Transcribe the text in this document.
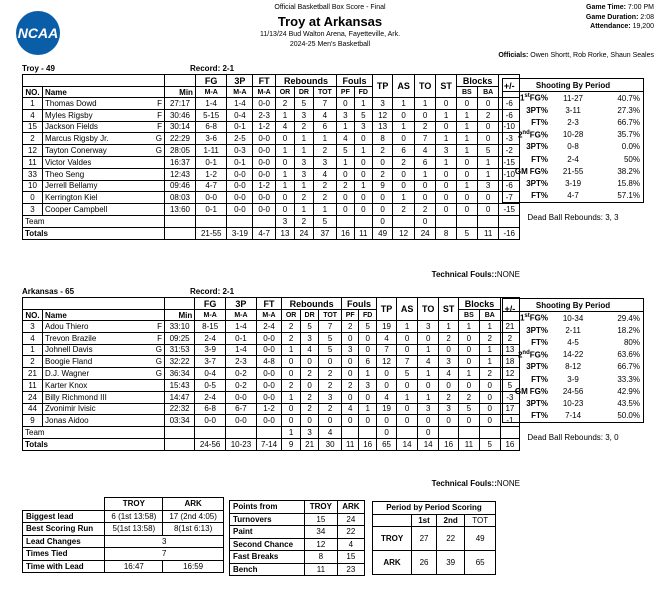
NCAA
Official Basketball Box Score - Final
Troy at Arkansas
11/13/24 Bud Walton Arena, Fayetteville, Ark.
2024-25 Men's Basketball
Game Time: 7:00 PM
Game Duration: 2:08
Attendance: 19,200
Officials: Owen Shortt, Rob Rorke, Shaun Seales
Troy - 49	Record: 2-1
				FG	3P	FT	Rebounds			Fouls		TP	AS	TO	ST	Blocks		+/-
NO.	Name		Min	M-A	M-A	M-A	OR	DR	TOT	PF	FD					BS	BA	
1	Thomas Dowd	F	27:17	1-4	1-4	0-0	2	5	7	0	1	3	1	1	0	0	0	-6
4	Myles Rigsby	F	30:46	5-15	0-4	2-3	1	3	4	3	5	12	0	0	1	1	2	-6
15	Jackson Fields	F	30:14	6-8	0-1	1-2	4	2	6	1	3	13	1	2	0	1	0	-10
2	Marcus Rigsby Jr.	G	22:29	3-6	2-5	0-0	0	1	1	4	0	8	0	7	1	1	0	-3
12	Tayton Conerway	G	28:05	1-11	0-3	0-0	1	1	2	5	1	2	6	4	3	1	5	-2
11	Victor Valdes		16:37	0-1	0-1	0-0	0	3	3	1	0	0	2	6	1	0	1	-15
33	Theo Seng		12:43	1-2	0-0	0-0	1	3	4	0	0	2	0	1	0	0	1	-10
10	Jerrell Bellamy		09:46	4-7	0-0	1-2	1	1	2	2	1	9	0	0	0	1	3	-6
0	Kerrington Kiel		08:03	0-0	0-0	0-0	0	2	2	0	0	0	1	0	0	0	0	-7
3	Cooper Campbell		13:60	0-1	0-0	0-0	0	1	1	0	0	0	2	2	0	0	0	-15
Team							3	2	5			0		0				
Totals				21-55	3-19	4-7	13	24	37	16	11	49	12	24	8	5	11	-16
Technical Fouls::NONE
Shooting By Period
1stFG%	11-27	40.7%
3PT%	3-11	27.3%
FT%	2-3	66.7%
2ndFG%	10-28	35.7%
3PT%	0-8	0.0%
FT%	2-4	50%
GM FG%	21-55	38.2%
3PT%	3-19	15.8%
FT%	4-7	57.1%
Dead Ball Rebounds: 3, 3
Arkansas - 65	Record: 2-1
				FG	3P	FT	Rebounds			Fouls		TP	AS	TO	ST	Blocks		+/-
NO.	Name		Min	M-A	M-A	M-A	OR	DR	TOT	PF	FD					BS	BA	
3	Adou Thiero	F	33:10	8-15	1-4	2-4	2	5	7	2	5	19	1	3	1	1	1	21
4	Trevon Brazile	F	09:25	2-4	0-1	0-0	2	3	5	0	0	4	0	0	2	0	2	2
1	Johnell Davis	G	31:53	3-9	1-4	0-0	1	4	5	3	0	7	0	1	0	0	1	13
2	Boogie Fland	G	32:22	3-7	2-3	4-8	0	0	0	0	6	12	7	4	3	0	1	18
21	D.J. Wagner	G	36:34	0-4	0-2	0-0	0	2	2	0	1	0	5	1	4	1	2	12
11	Karter Knox		15:43	0-5	0-2	0-0	2	0	2	2	3	0	0	0	0	0	0	5
24	Billy Richmond III		14:47	2-4	0-0	0-0	1	2	3	0	0	4	1	1	2	2	0	-3
44	Zvonimir Ivisic		22:32	6-8	6-7	1-2	0	2	2	4	1	19	0	3	3	5	0	17
9	Jonas Aidoo		03:34	0-0	0-0	0-0	0	0	0	0	0	0	0	0	0	0	0	-1
Team							1	3	4			0		0				
Totals				24-56	10-23	7-14	9	21	30	11	16	65	14	14	16	11	5	16
Technical Fouls::NONE
Shooting By Period
1stFG%	10-34	29.4%
3PT%	2-11	18.2%
FT%	4-5	80%
2ndFG%	14-22	63.6%
3PT%	8-12	66.7%
FT%	3-9	33.3%
GM FG%	24-56	42.9%
3PT%	10-23	43.5%
FT%	7-14	50.0%
Dead Ball Rebounds: 3, 0
	TROY	ARK
Biggest lead	6 (1st 13:58)	17 (2nd 4:05)
Best Scoring Run	5(1st 13:58)	8(1st 6:13)
Lead Changes	3	
Times Tied	7	
Time with Lead	16:47	16:59
Points from	TROY	ARK
Turnovers	15	24
Paint	34	22
Second Chance	12	4
Fast Breaks	8	15
Bench	11	23
Period by Period Scoring			
	1st	2nd	TOT
TROY	27	22	49
ARK	26	39	65
